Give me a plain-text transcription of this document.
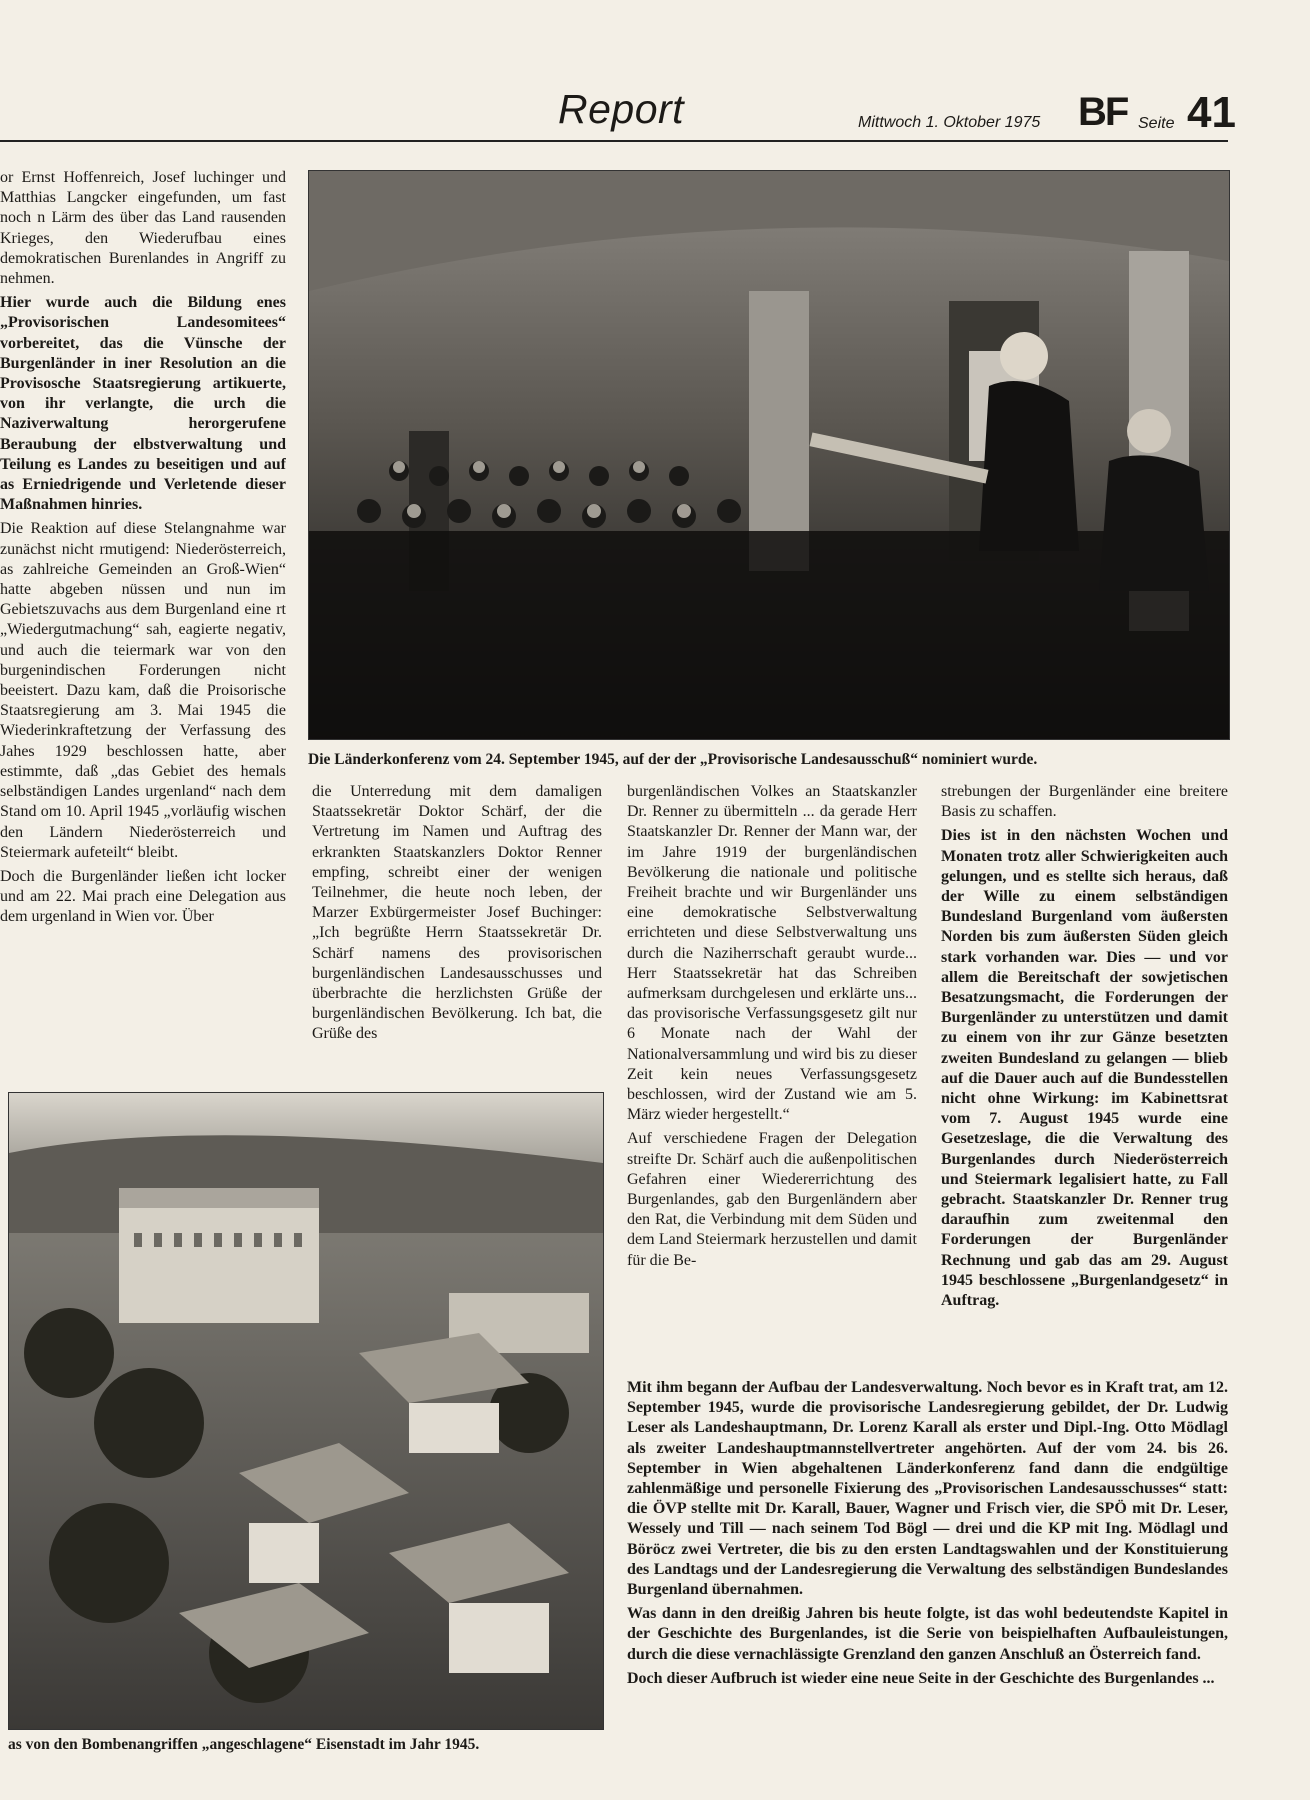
Report	Mittwoch 1. Oktober 1975 BF Seite 41

or Ernst Hoffenreich, Josef luchinger und Matthias Langcker eingefunden, um fast noch n Lärm des über das Land rausenden Krieges, den Wiederufbau eines demokratischen Burenlandes in Angriff zu nehmen.

Hier wurde auch die Bildung enes „Provisorischen Landesomitees“ vorbereitet, das die Vünsche der Burgenländer in iner Resolution an die Provisosche Staatsregierung artikuerte, von ihr verlangte, die urch die Naziverwaltung herorgerufene Beraubung der elbstverwaltung und Teilung es Landes zu beseitigen und auf as Erniedrigende und Verletende dieser Maßnahmen hinries.

Die Reaktion auf diese Stelangnahme war zunächst nicht rmutigend: Niederösterreich, as zahlreiche Gemeinden an Groß-Wien“ hatte abgeben nüssen und nun im Gebietszuvachs aus dem Burgenland eine rt „Wiedergutmachung“ sah, eagierte negativ, und auch die teiermark war von den burgenindischen Forderungen nicht beeistert. Dazu kam, daß die Proisorische Staatsregierung am 3. Mai 1945 die Wiederinkraftetzung der Verfassung des Jahes 1929 beschlossen hatte, aber estimmte, daß „das Gebiet des hemals selbständigen Landes urgenland“ nach dem Stand om 10. April 1945 „vorläufig wischen den Ländern Niederösterreich und Steiermark aufeteilt“ bleibt.

Doch die Burgenländer ließen icht locker und am 22. Mai prach eine Delegation aus dem urgenland in Wien vor. Über

Die Länderkonferenz vom 24. September 1945, auf der der „Provisorische Landesausschuß“ nominiert wurde.

die Unterredung mit dem damaligen Staatssekretär Doktor Schärf, der die Vertretung im Namen und Auftrag des erkrankten Staatskanzlers Doktor Renner empfing, schreibt einer der wenigen Teilnehmer, die heute noch leben, der Marzer Exbürgermeister Josef Buchinger: „Ich begrüßte Herrn Staatssekretär Dr. Schärf namens des provisorischen burgenländischen Landesausschusses und überbrachte die herzlichsten Grüße der burgenländischen Bevölkerung. Ich bat, die Grüße des

burgenländischen Volkes an Staatskanzler Dr. Renner zu übermitteln ... da gerade Herr Staatskanzler Dr. Renner der Mann war, der im Jahre 1919 der burgenländischen Bevölkerung die nationale und politische Freiheit brachte und wir Burgenländer uns eine demokratische Selbstverwaltung errichteten und diese Selbstverwaltung uns durch die Naziherrschaft geraubt wurde... Herr Staatssekretär hat das Schreiben aufmerksam durchgelesen und erklärte uns... das provisorische Verfassungsgesetz gilt nur 6 Monate nach der Wahl der Nationalversammlung und wird bis zu dieser Zeit kein neues Verfassungsgesetz beschlossen, wird der Zustand wie am 5. März wieder hergestellt.“

Auf verschiedene Fragen der Delegation streifte Dr. Schärf auch die außenpolitischen Gefahren einer Wiedererrichtung des Burgenlandes, gab den Burgenländern aber den Rat, die Verbindung mit dem Süden und dem Land Steiermark herzustellen und damit für die Be-

strebungen der Burgenländer eine breitere Basis zu schaffen.

Dies ist in den nächsten Wochen und Monaten trotz aller Schwierigkeiten auch gelungen, und es stellte sich heraus, daß der Wille zu einem selbständigen Bundesland Burgenland vom äußersten Norden bis zum äußersten Süden gleich stark vorhanden war. Dies — und vor allem die Bereitschaft der sowjetischen Besatzungsmacht, die Forderungen der Burgenländer zu unterstützen und damit zu einem von ihr zur Gänze besetzten zweiten Bundesland zu gelangen — blieb auf die Dauer auch auf die Bundesstellen nicht ohne Wirkung: im Kabinettsrat vom 7. August 1945 wurde eine Gesetzeslage, die die Verwaltung des Burgenlandes durch Niederösterreich und Steiermark legalisiert hatte, zu Fall gebracht. Staatskanzler Dr. Renner trug daraufhin zum zweitenmal den Forderungen der Burgenländer Rechnung und gab das am 29. August 1945 beschlossene „Burgenlandgesetz“ in Auftrag.

as von den Bombenangriffen „angeschlagene“ Eisenstadt im Jahr 1945.

Mit ihm begann der Aufbau der Landesverwaltung. Noch bevor es in Kraft trat, am 12. September 1945, wurde die provisorische Landesregierung gebildet, der Dr. Ludwig Leser als Landeshauptmann, Dr. Lorenz Karall als erster und Dipl.-Ing. Otto Mödlagl als zweiter Landeshauptmannstellvertreter angehörten. Auf der vom 24. bis 26. September in Wien abgehaltenen Länderkonferenz fand dann die endgültige zahlenmäßige und personelle Fixierung des „Provisorischen Landesausschusses“ statt: die ÖVP stellte mit Dr. Karall, Bauer, Wagner und Frisch vier, die SPÖ mit Dr. Leser, Wessely und Till — nach seinem Tod Bögl — drei und die KP mit Ing. Mödlagl und Böröcz zwei Vertreter, die bis zu den ersten Landtagswahlen und der Konstituierung des Landtags und der Landesregierung die Verwaltung des selbständigen Bundeslandes Burgenland übernahmen.

Was dann in den dreißig Jahren bis heute folgte, ist das wohl bedeutendste Kapitel in der Geschichte des Burgenlandes, ist die Serie von beispielhaften Aufbauleistungen, durch die diese vernachlässigte Grenzland den ganzen Anschluß an Österreich fand.

Doch dieser Aufbruch ist wieder eine neue Seite in der Geschichte des Burgenlandes ...
